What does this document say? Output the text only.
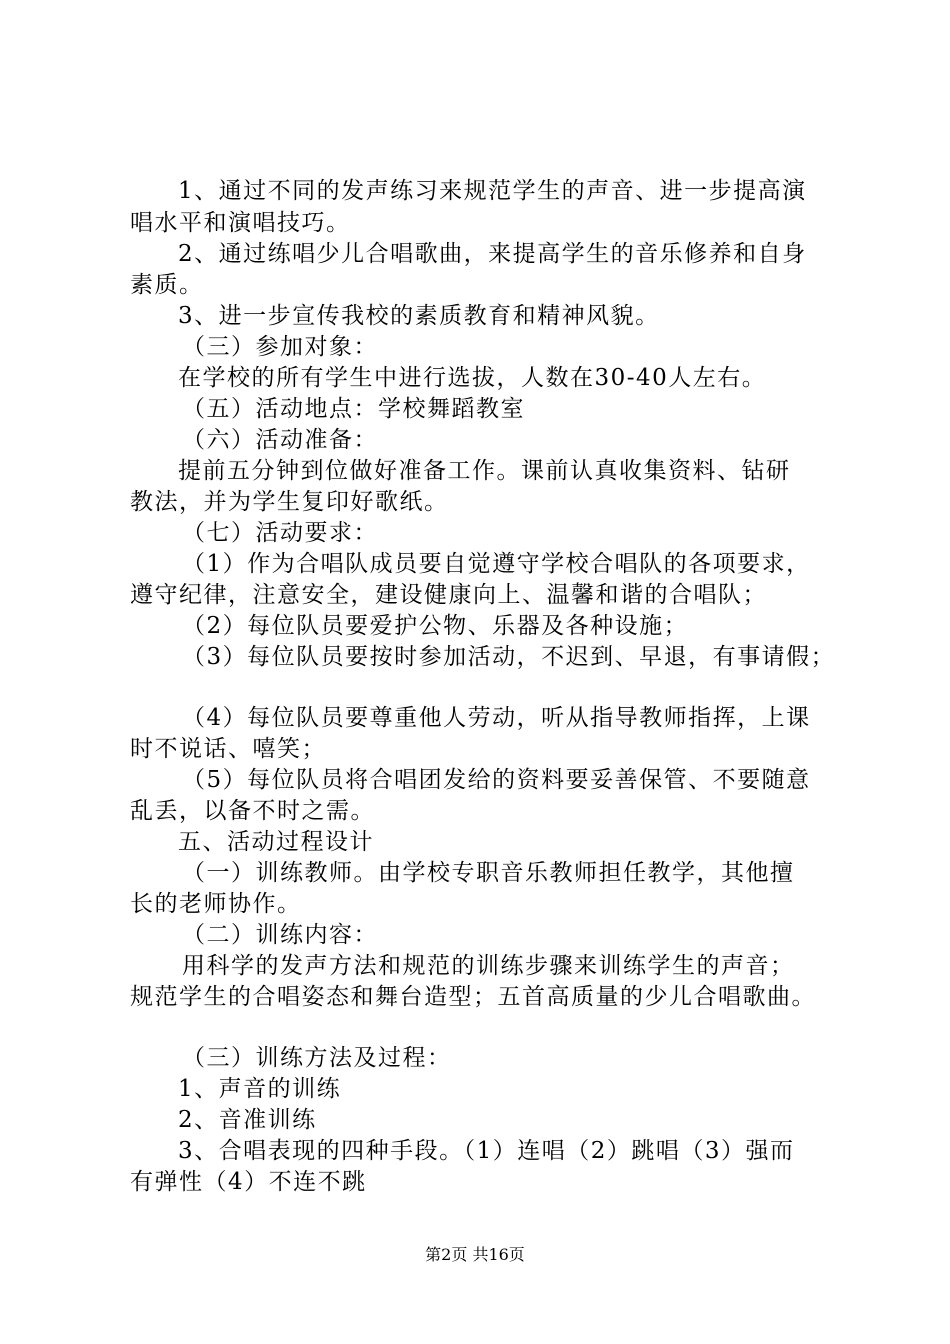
1、通过不同的发声练习来规范学生的声音、进一步提高演
唱水平和演唱技巧。
2、通过练唱少儿合唱歌曲，来提高学生的音乐修养和自身
素质。
3、进一步宣传我校的素质教育和精神风貌。
（三）参加对象：
在学校的所有学生中进行选拔，人数在30-40人左右。
（五）活动地点：学校舞蹈教室
（六）活动准备：
提前五分钟到位做好准备工作。课前认真收集资料、钻研
教法，并为学生复印好歌纸。
（七）活动要求：
（1）作为合唱队成员要自觉遵守学校合唱队的各项要求，
遵守纪律，注意安全，建设健康向上、温馨和谐的合唱队；
（2）每位队员要爱护公物、乐器及各种设施；
（3）每位队员要按时参加活动，不迟到、早退，有事请假；
（4）每位队员要尊重他人劳动，听从指导教师指挥，上课
时不说话、嘻笑；
（5）每位队员将合唱团发给的资料要妥善保管、不要随意
乱丢，以备不时之需。
五、活动过程设计
（一）训练教师。由学校专职音乐教师担任教学，其他擅
长的老师协作。
（二）训练内容：
用科学的发声方法和规范的训练步骤来训练学生的声音；
规范学生的合唱姿态和舞台造型；五首高质量的少儿合唱歌曲。
（三）训练方法及过程：
1、声音的训练
2、音准训练
3、合唱表现的四种手段。（1）连唱（2）跳唱（3）强而
有弹性（4）不连不跳
第2页 共16页
